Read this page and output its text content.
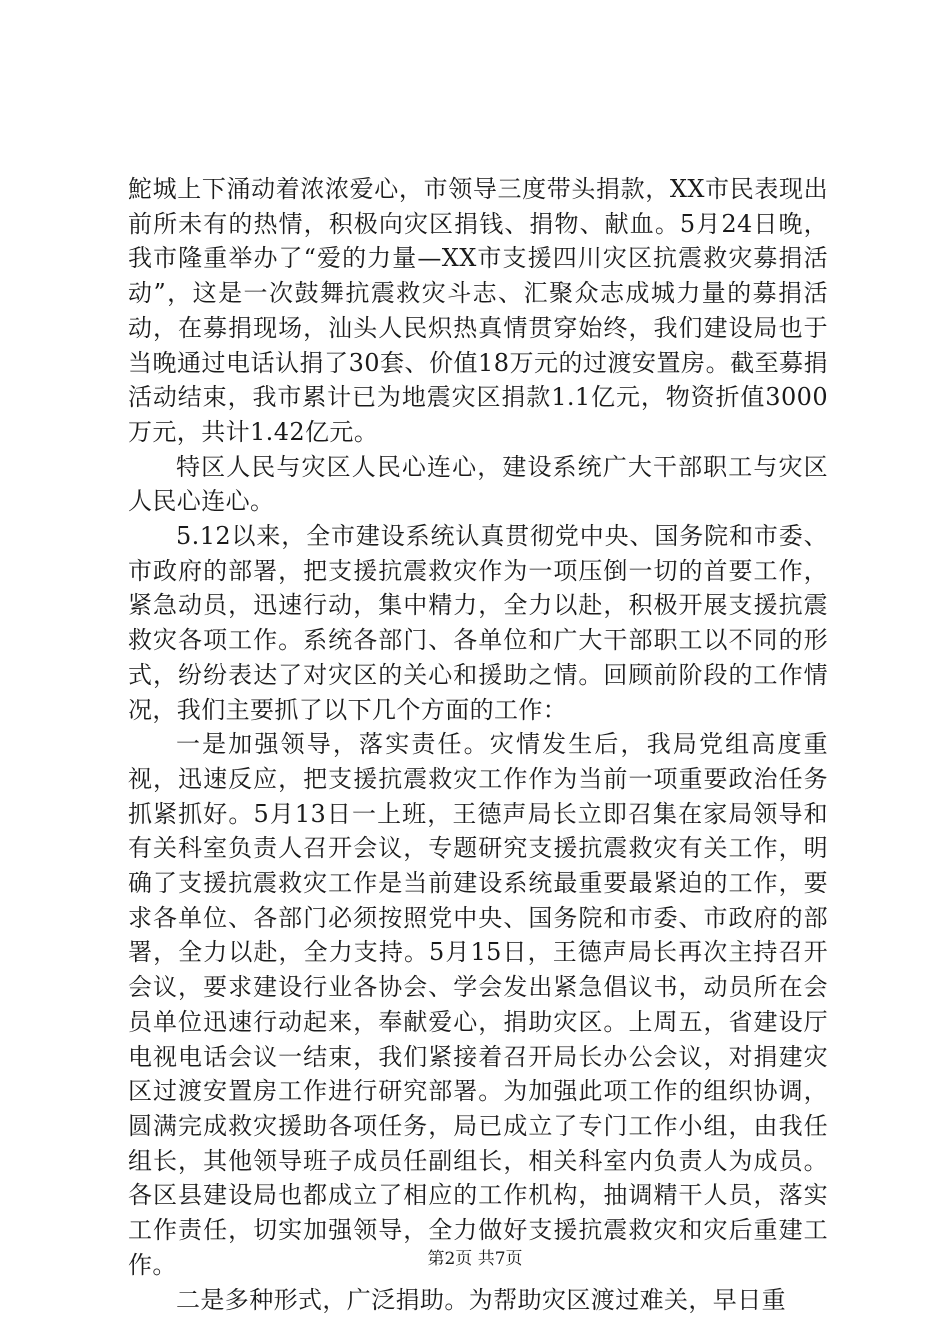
鮀城上下涌动着浓浓爱心，市领导三度带头捐款，XX市民表现出前所未有的热情，积极向灾区捐钱、捐物、献血。5月24日晚，我市隆重举办了“爱的力量—XX市支援四川灾区抗震救灾募捐活动”，这是一次鼓舞抗震救灾斗志、汇聚众志成城力量的募捐活动，在募捐现场，汕头人民炽热真情贯穿始终，我们建设局也于当晚通过电话认捐了30套、价值18万元的过渡安置房。截至募捐活动结束，我市累计已为地震灾区捐款1.1亿元，物资折值3000万元，共计1.42亿元。

特区人民与灾区人民心连心，建设系统广大干部职工与灾区人民心连心。

5.12以来，全市建设系统认真贯彻党中央、国务院和市委、市政府的部署，把支援抗震救灾作为一项压倒一切的首要工作，紧急动员，迅速行动，集中精力，全力以赴，积极开展支援抗震救灾各项工作。系统各部门、各单位和广大干部职工以不同的形式，纷纷表达了对灾区的关心和援助之情。回顾前阶段的工作情况，我们主要抓了以下几个方面的工作：

一是加强领导，落实责任。灾情发生后，我局党组高度重视，迅速反应，把支援抗震救灾工作作为当前一项重要政治任务抓紧抓好。5月13日一上班，王德声局长立即召集在家局领导和有关科室负责人召开会议，专题研究支援抗震救灾有关工作，明确了支援抗震救灾工作是当前建设系统最重要最紧迫的工作，要求各单位、各部门必须按照党中央、国务院和市委、市政府的部署，全力以赴，全力支持。5月15日，王德声局长再次主持召开会议，要求建设行业各协会、学会发出紧急倡议书，动员所在会员单位迅速行动起来，奉献爱心，捐助灾区。上周五，省建设厅电视电话会议一结束，我们紧接着召开局长办公会议，对捐建灾区过渡安置房工作进行研究部署。为加强此项工作的组织协调，圆满完成救灾援助各项任务，局已成立了专门工作小组，由我任组长，其他领导班子成员任副组长，相关科室内负责人为成员。各区县建设局也都成立了相应的工作机构，抽调精干人员，落实工作责任，切实加强领导，全力做好支援抗震救灾和灾后重建工作。

二是多种形式，广泛捐助。为帮助灾区渡过难关，早日重

第2页 共7页
